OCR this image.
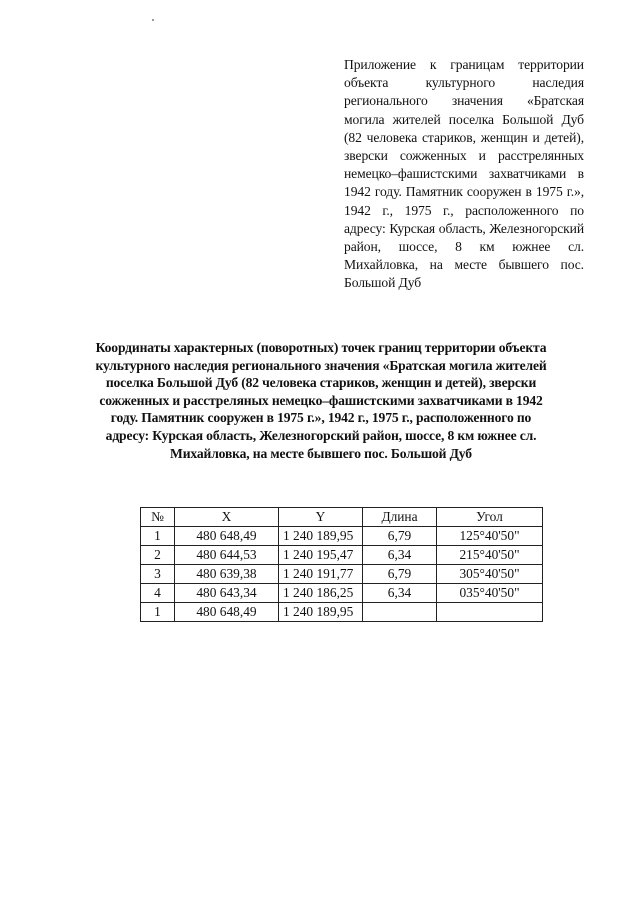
Приложение к границам территории объекта культурного наследия регионального значения «Братская могила жителей поселка Большой Дуб (82 человека стариков, женщин и детей), зверски сожженных и расстрелянных немецко–фашистскими захватчиками в 1942 году. Памятник сооружен в 1975 г.», 1942 г., 1975 г., расположенного по адресу: Курская область, Железногорский район, шоссе, 8 км южнее сл. Михайловка, на месте бывшего пос. Большой Дуб
Координаты характерных (поворотных) точек границ территории объекта культурного наследия регионального значения «Братская могила жителей поселка Большой Дуб (82 человека стариков, женщин и детей), зверски сожженных и расстреляных немецко–фашистскими захватчиками в 1942 году. Памятник сооружен в 1975 г.», 1942 г., 1975 г., расположенного по адресу: Курская область, Железногорский район, шоссе, 8 км южнее сл. Михайловка, на месте бывшего пос. Большой Дуб
№	X	Y	Длина	Угол
1	480 648,49	1 240 189,95	6,79	125°40'50"
2	480 644,53	1 240 195,47	6,34	215°40'50"
3	480 639,38	1 240 191,77	6,79	305°40'50"
4	480 643,34	1 240 186,25	6,34	035°40'50"
1	480 648,49	1 240 189,95		
